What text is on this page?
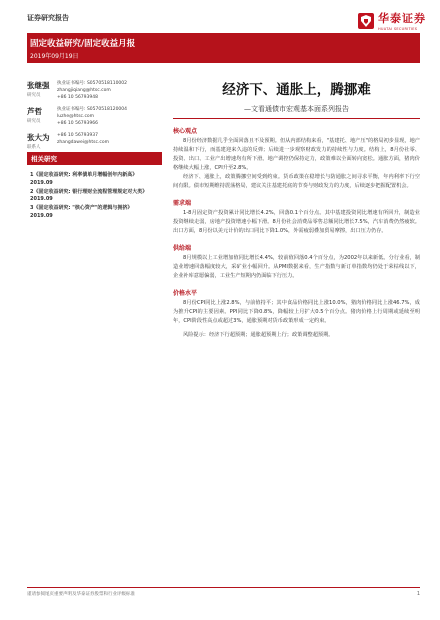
证券研究报告	华泰证券
HUATAI SECURITIES
固定收益研究/固定收益月报
2019年09月19日
张继强
研究员
执业证书编号: S0570518110002
zhangjiqiang@htsc.com
+86 10 56793948
芦哲
研究员
执业证书编号: S0570518120004
luzhe@htsc.com
+86 10 56793966
张大为
联系人
+86 10 56793937
zhangdawei@htsc.com
相关研究
1《固定收益研究: 利率债单月增幅创年内新高》
2019.09
2《固定收益研究: 银行理财全流程管理规定对大类》
2019.09
3《固定收益研究: "核心资产"的逻辑与拥挤》
2019.09
经济下、通胀上，腾挪难
—文看通债市宏观基本面系列报告
核心观点

8月份经济数据几乎全面回落且不及预期。但从内部结构来看，"基建托、地产压"的格局初步显现，地产持续温和下行，而基建迎来久违的反弹；后续进一步观察财政发力的持续性与力度。结构上，8月份社零、投资、出口、工业产出增速均有所下滑。地产调控仍保持定力，政策难以全面转向宽松。通胀方面，猪肉价格继续大幅上涨，CPI升至2.8%。

经济下、通胀上，政策腾挪空间受到约束。货币政策在稳增长与防通胀之间寻求平衡，年内利率下行空间有限。债市短期维持震荡格局，建议关注基建托底的节奏与财政发力的力度，后续逐步把握配置机会。

需求端

1-8月固定资产投资累计同比增长4.2%，回落0.1个百分点。其中基建投资同比增速有所回升，制造业投资继续走弱，房地产投资增速小幅下滑。8月份社会消费品零售总额同比增长7.5%，汽车消费仍然疲软。出口方面，8月份以美元计价的出口同比下降1.0%，外需疲弱叠加贸易摩擦，出口压力仍存。

供给端

8月规模以上工业增加值同比增长4.4%，较前值回落0.4个百分点，为2002年以来新低。分行业看，制造业增速回落幅度较大，采矿业小幅回升。从PMI数据来看，生产指数与新订单指数均仍处于荣枯线以下，企业补库意愿偏弱，工业生产短期内仍面临下行压力。

价格水平

8月份CPI同比上涨2.8%，与前值持平；其中食品价格同比上涨10.0%，猪肉价格同比上涨46.7%，成为推升CPI的主要因素。PPI同比下降0.8%，降幅较上月扩大0.5个百分点。猪肉价格上行周期或延续至明年，CPI阶段性高点或超过3%，通胀预期对货币政策形成一定约束。

风险提示：经济下行超预期；通胀超预期上行；政策调整超预期。

谨请参阅尾页重要声明及华泰证券股票和行业评级标准	1
